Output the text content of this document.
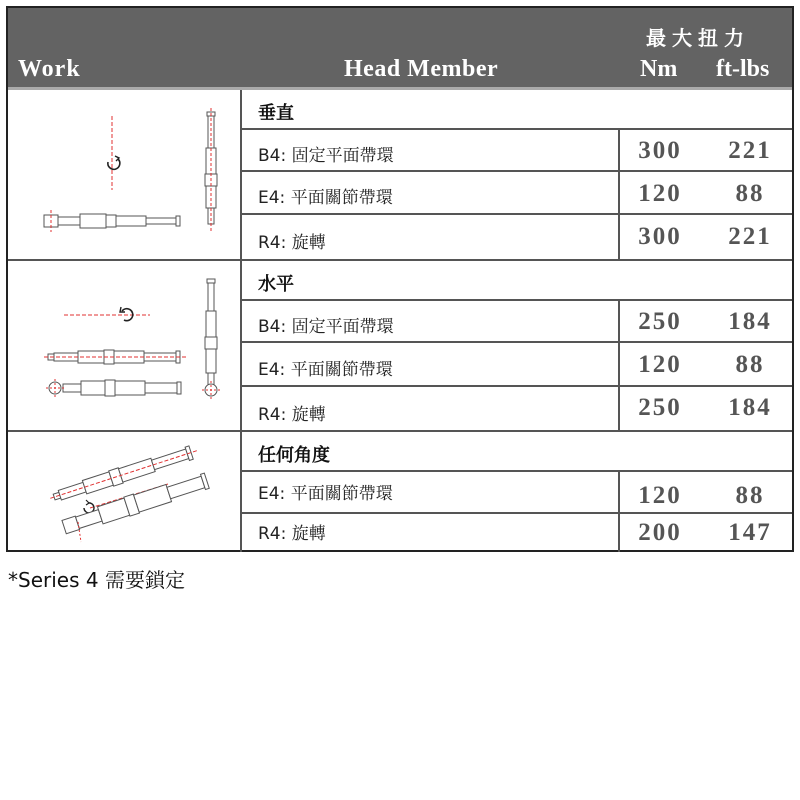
Work	Head Member
最大扭力
Nm ft-lbs
垂直
B4: 固定平面帶環	300	221
E4: 平面關節帶環	120	88
R4: 旋轉	300	221
水平
B4: 固定平面帶環	250	184
E4: 平面關節帶環	120	88
R4: 旋轉	250	184
任何角度
E4: 平面關節帶環	120	88
R4: 旋轉	200	147
*Series 4 需要鎖定
